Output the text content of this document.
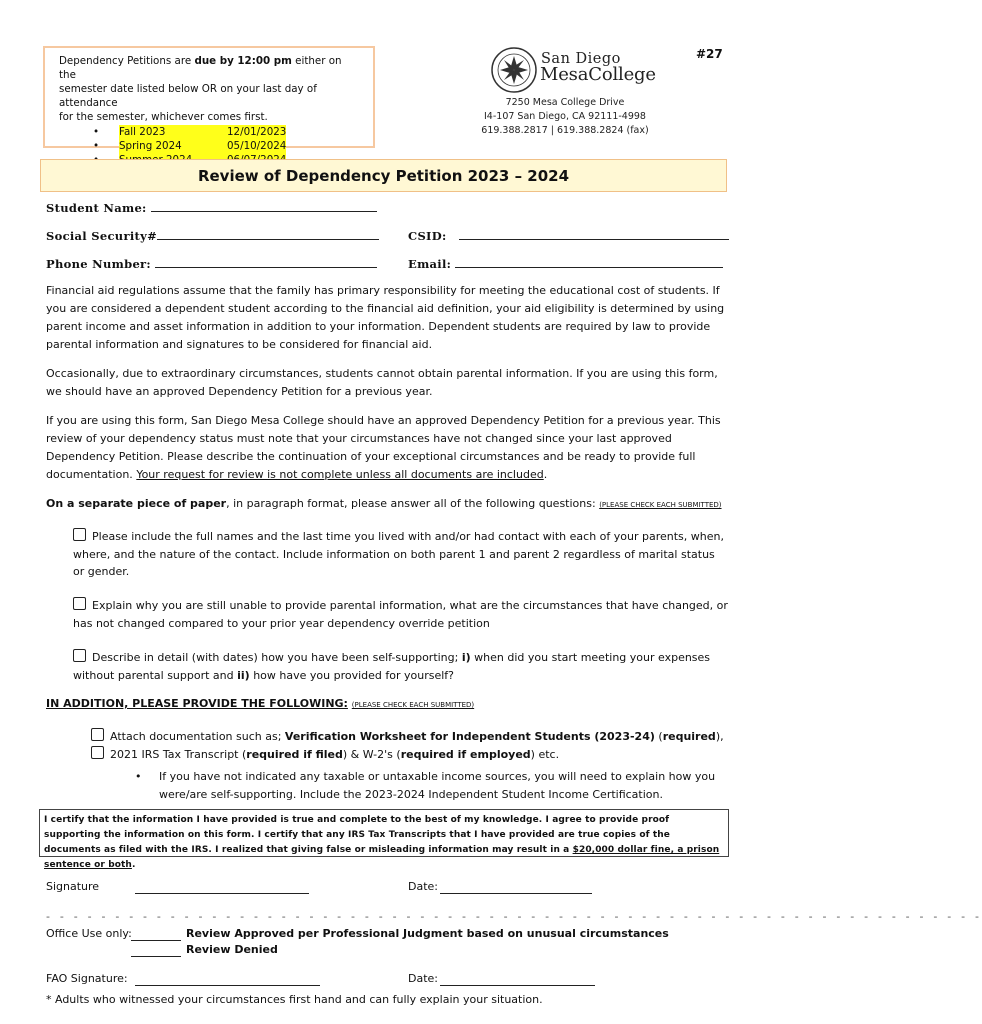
Dependency Petitions are due by 12:00 pm either on the
semester date listed below OR on your last day of attendance
for the semester, whichever comes first.
• Fall 2023	12/01/2023
• Spring 2024	05/10/2024
#27
San Diego
MesaCollege
7250 Mesa College Drive
I4-107 San Diego, CA 92111-4998
619.388.2817 | 619.388.2824 (fax)
Review of Dependency Petition 2023 – 2024
Student Name:
Social Security#	CSID:
Phone Number:	Email:
Financial aid regulations assume that the family has primary responsibility for meeting the educational cost of students. If you are considered a dependent student according to the financial aid definition, your aid eligibility is determined by using parent income and asset information in addition to your information. Dependent students are required by law to provide parental information and signatures to be considered for financial aid.
Occasionally, due to extraordinary circumstances, students cannot obtain parental information. If you are using this form, we should have an approved Dependency Petition for a previous year.
If you are using this form, San Diego Mesa College should have an approved Dependency Petition for a previous year. This review of your dependency status must note that your circumstances have not changed since your last approved Dependency Petition. Please describe the continuation of your exceptional circumstances and be ready to provide full documentation. Your request for review is not complete unless all documents are included.
On a separate piece of paper, in paragraph format, please answer all of the following questions: (PLEASE CHECK EACH SUBMITTED)
Please include the full names and the last time you lived with and/or had contact with each of your parents, when, where, and the nature of the contact. Include information on both parent 1 and parent 2 regardless of marital status or gender.
Explain why you are still unable to provide parental information, what are the circumstances that have changed, or has not changed compared to your prior year dependency override petition
Describe in detail (with dates) how you have been self-supporting; i) when did you start meeting your expenses without parental support and ii) how have you provided for yourself?
IN ADDITION, PLEASE PROVIDE THE FOLLOWING: (PLEASE CHECK EACH SUBMITTED)
Attach documentation such as; Verification Worksheet for Independent Students (2023-24) (required),
2021 IRS Tax Transcript (required if filed) & W-2's (required if employed) etc.
• If you have not indicated any taxable or untaxable income sources, you will need to explain how you were/are self-supporting. Include the 2023-2024 Independent Student Income Certification.
I certify that the information I have provided is true and complete to the best of my knowledge. I agree to provide proof supporting the information on this form. I certify that any IRS Tax Transcripts that I have provided are true copies of the documents as filed with the IRS. I realized that giving false or misleading information may result in a $20,000 dollar fine, a prison sentence or both.
Signature	Date:
- - - - - - - - - - - - - - - - - - - - - - - - - - - - - - - - - - - - - - - - - - - - - - - - - - - - - - - - - - - - - - - - - - - -
Office Use only:	Review Approved per Professional Judgment based on unusual circumstances
Review Denied
FAO Signature:	Date:
* Adults who witnessed your circumstances first hand and can fully explain your situation.
